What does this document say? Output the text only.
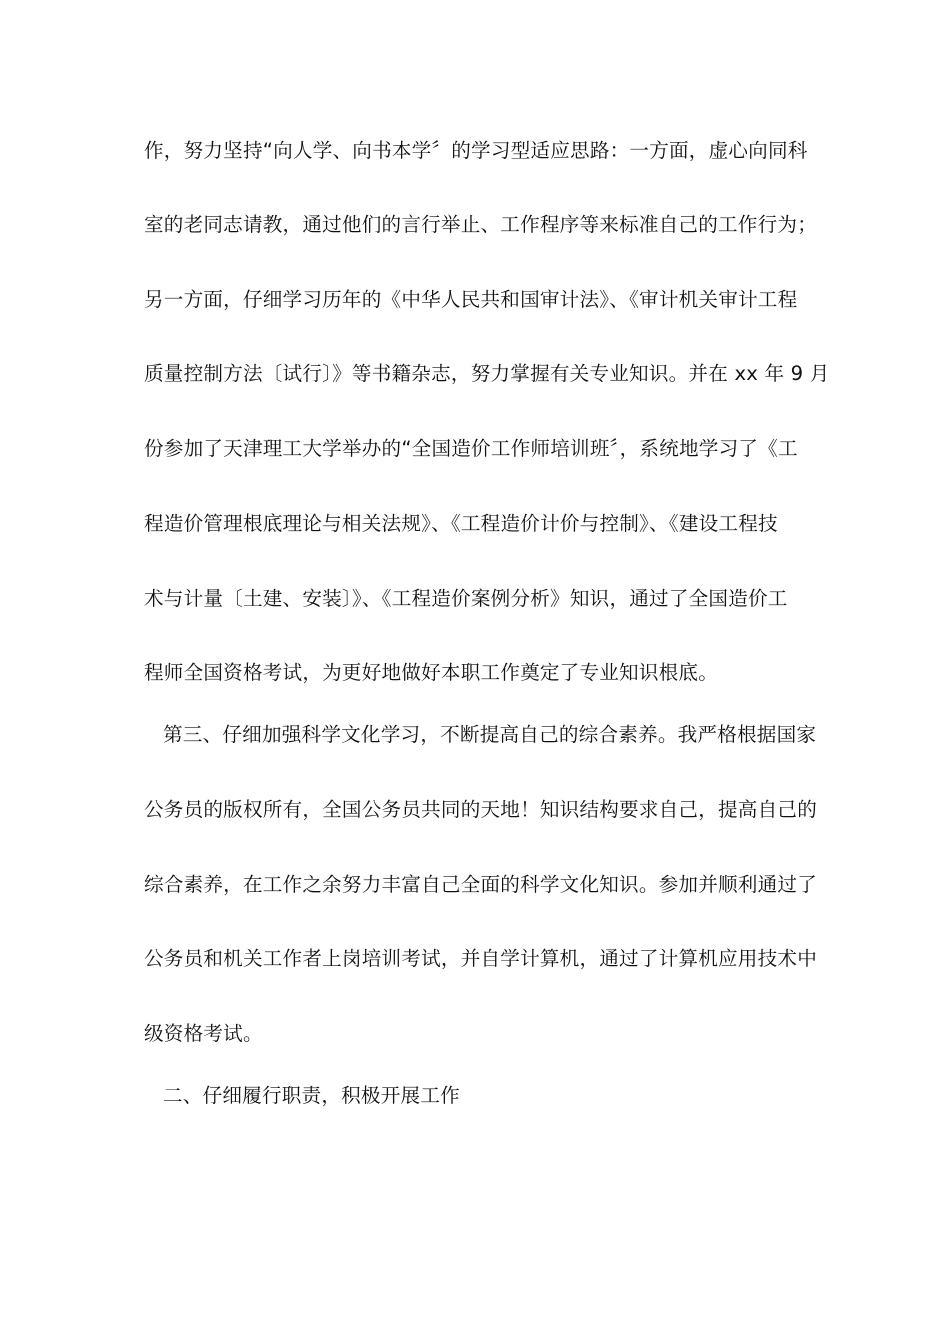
作，努力坚持“向人学、向书本学〞的学习型适应思路：一方面，虚心向同科
室的老同志请教，通过他们的言行举止、工作程序等来标准自己的工作行为；
另一方面，仔细学习历年的《中华人民共和国审计法》、《审计机关审计工程
质量控制方法〔试行〕》等书籍杂志，努力掌握有关专业知识。并在 xx 年 9 月
份参加了天津理工大学举办的“全国造价工作师培训班〞，系统地学习了《工
程造价管理根底理论与相关法规》、《工程造价计价与控制》、《建设工程技
术与计量〔土建、安装〕》、《工程造价案例分析》知识，通过了全国造价工
程师全国资格考试，为更好地做好本职工作奠定了专业知识根底。
第三、仔细加强科学文化学习，不断提高自己的综合素养。我严格根据国家
公务员的版权所有，全国公务员共同的天地！知识结构要求自己，提高自己的
综合素养，在工作之余努力丰富自己全面的科学文化知识。参加并顺利通过了
公务员和机关工作者上岗培训考试，并自学计算机，通过了计算机应用技术中
级资格考试。
二、仔细履行职责，积极开展工作
